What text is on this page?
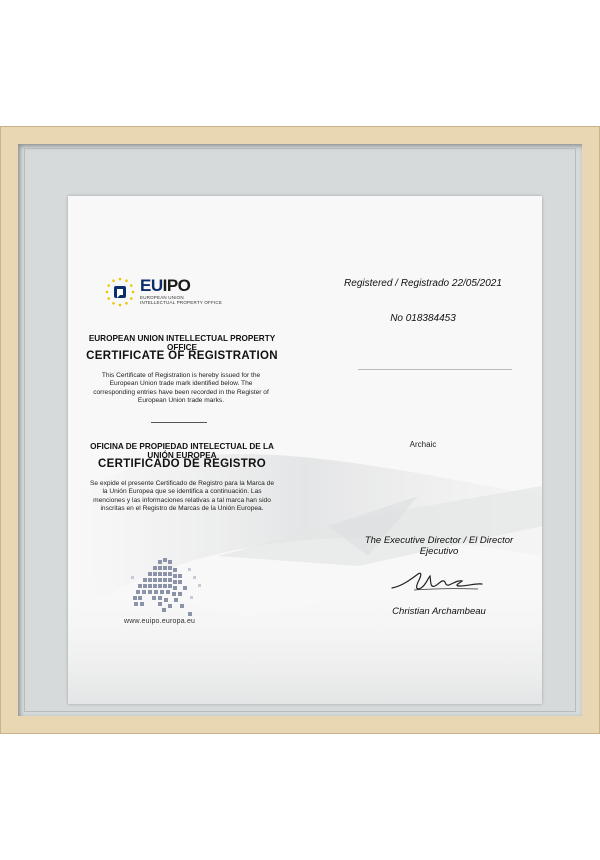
EUIPO
EUROPEAN UNION
INTELLECTUAL PROPERTY OFFICE
EUROPEAN UNION INTELLECTUAL PROPERTY OFFICE
CERTIFICATE OF REGISTRATION
This Certificate of Registration is hereby issued for the European Union trade mark identified below. The corresponding entries have been recorded in the Register of European Union trade marks.
OFICINA DE PROPIEDAD INTELECTUAL DE LA UNIÓN EUROPEA
CERTIFICADO DE REGISTRO
Se expide el presente Certificado de Registro para la Marca de la Unión Europea que se identifica a continuación. Las menciones y las informaciones relativas a tal marca han sido inscritas en el Registro de Marcas de la Unión Europea.
www.euipo.europa.eu
Registered / Registrado 22/05/2021
No 018384453
Archaic
The Executive Director / El Director Ejecutivo
Christian Archambeau
